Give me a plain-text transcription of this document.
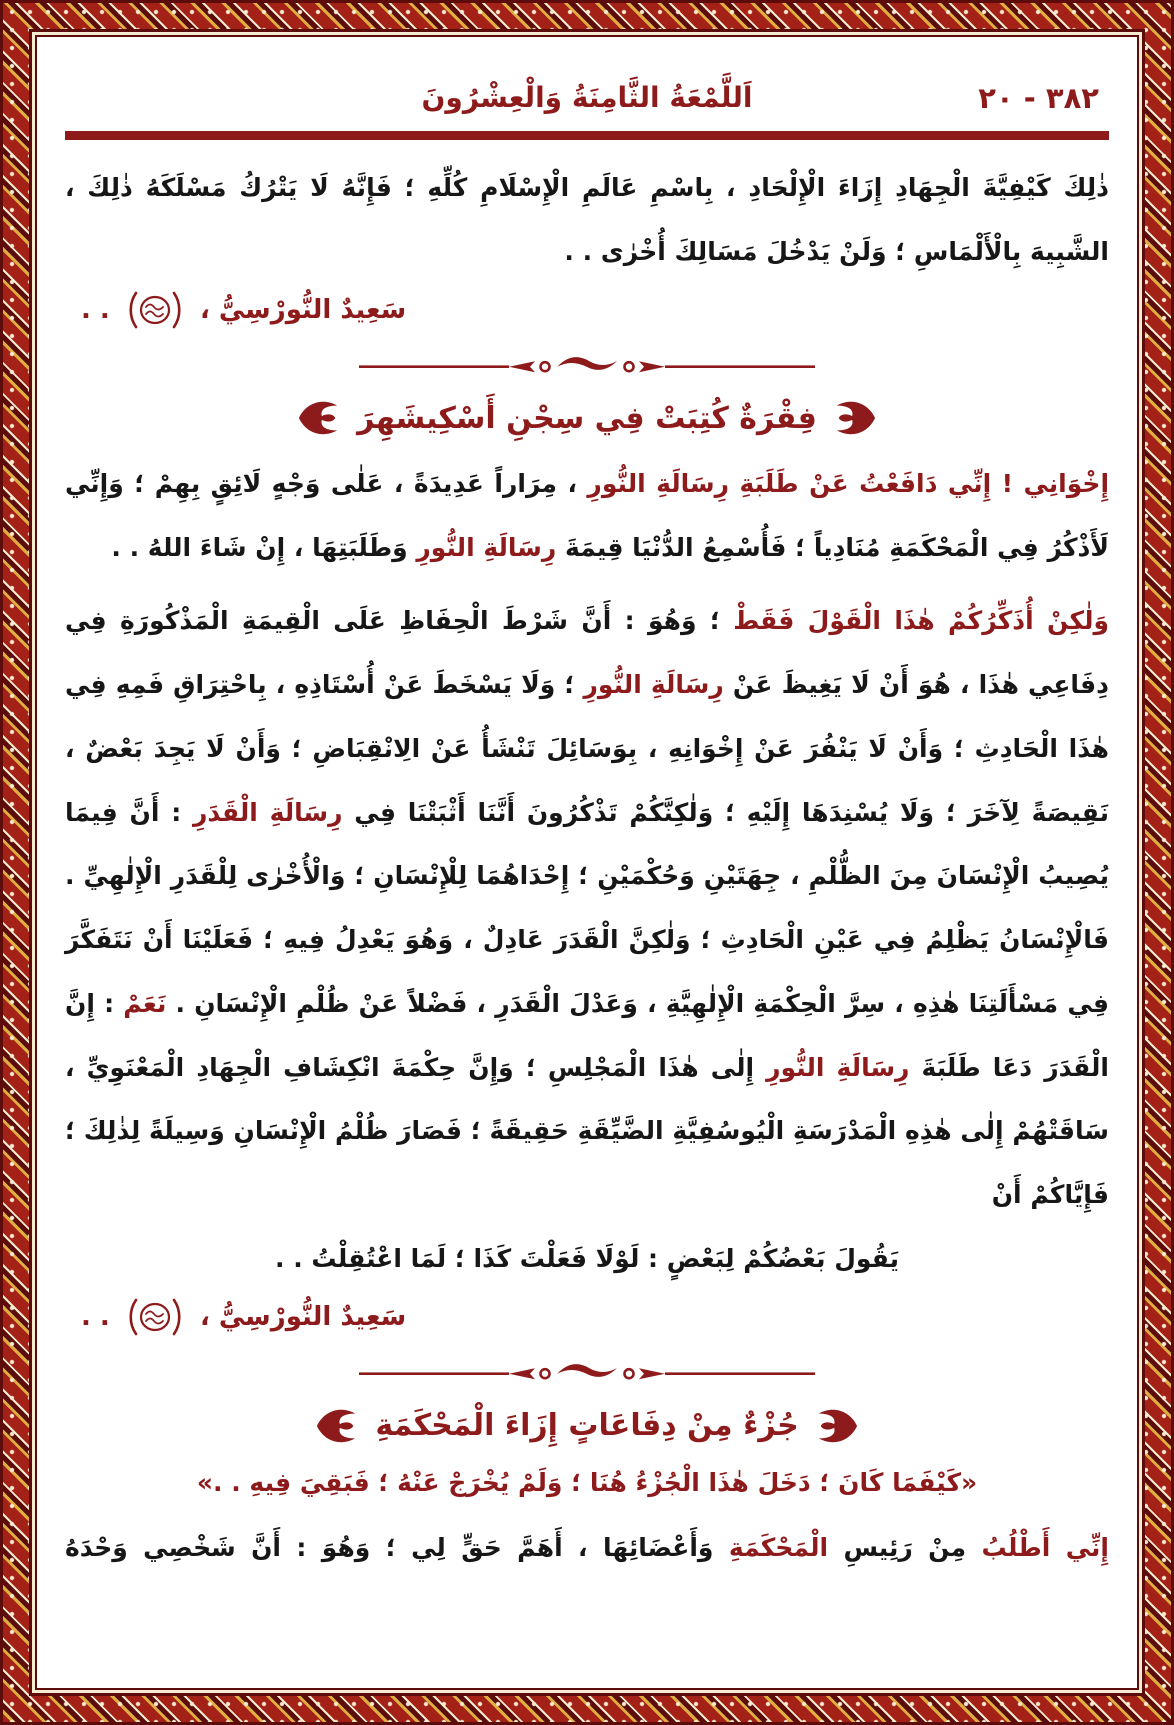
اَللَّمْعَةُ الثَّامِنَةُ وَالْعِشْرُونَ	٣٨٢ - ٢٠
ذٰلِكَ كَيْفِيَّةَ الْجِهَادِ إِزَاءَ الْإِلْحَادِ ، بِاسْمِ عَالَمِ الْإِسْلَامِ كُلِّهِ ؛ فَإِنَّهُ لَا يَتْرُكُ مَسْلَكَهُ ذٰلِكَ ، الشَّبِيهَ بِالْأَلْمَاسِ ؛ وَلَنْ يَدْخُلَ مَسَالِكَ أُخْرٰى . .
سَعِيدٌ النُّورْسِيُّ ،  . .
فِقْرَةٌ كُتِبَتْ فِي سِجْنِ أَسْكِيشَهِرَ
إِخْوَانِي ! إِنِّي دَافَعْتُ عَنْ طَلَبَةِ رِسَالَةِ النُّورِ ، مِرَاراً عَدِيدَةً ، عَلٰى وَجْهٍ لَائِقٍ بِهِمْ ؛ وَإِنِّي لَأَذْكُرُ فِي الْمَحْكَمَةِ مُنَادِياً ؛ فَأُسْمِعُ الدُّنْيَا قِيمَةَ رِسَالَةِ النُّورِ وَطَلَبَتِهَا ، إِنْ شَاءَ اللهُ . .
وَلٰكِنْ أُذَكِّرُكُمْ هٰذَا الْقَوْلَ فَقَطْ ؛ وَهُوَ : أَنَّ شَرْطَ الْحِفَاظِ عَلَى الْقِيمَةِ الْمَذْكُورَةِ فِي دِفَاعِي هٰذَا ، هُوَ أَنْ لَا يَغِيظَ عَنْ رِسَالَةِ النُّورِ ؛ وَلَا يَسْخَطَ عَنْ أُسْتَاذِهِ ، بِاحْتِرَاقِ فَمِهِ فِي هٰذَا الْحَادِثِ ؛ وَأَنْ لَا يَنْفُرَ عَنْ إِخْوَانِهِ ، بِوَسَائِلَ تَنْشَأُ عَنْ الِانْقِبَاضِ ؛ وَأَنْ لَا يَجِدَ بَعْضٌ ، نَقِيصَةً لِآخَرَ ؛ وَلَا يُسْنِدَهَا إِلَيْهِ ؛ وَلٰكِنَّكُمْ تَذْكُرُونَ أَنَّنَا أَثْبَتْنَا فِي رِسَالَةِ الْقَدَرِ : أَنَّ فِيمَا يُصِيبُ الْإِنْسَانَ مِنَ الظُّلْمِ ، جِهَتَيْنِ وَحُكْمَيْنِ ؛ إِحْدَاهُمَا لِلْإِنْسَانِ ؛ وَالْأُخْرٰى لِلْقَدَرِ الْإِلٰهِيِّ . فَالْإِنْسَانُ يَظْلِمُ فِي عَيْنِ الْحَادِثِ ؛ وَلٰكِنَّ الْقَدَرَ عَادِلٌ ، وَهُوَ يَعْدِلُ فِيهِ ؛ فَعَلَيْنَا أَنْ نَتَفَكَّرَ فِي مَسْأَلَتِنَا هٰذِهِ ، سِرَّ الْحِكْمَةِ الْإِلٰهِيَّةِ ، وَعَدْلَ الْقَدَرِ ، فَضْلاً عَنْ ظُلْمِ الْإِنْسَانِ . نَعَمْ : إِنَّ الْقَدَرَ دَعَا طَلَبَةَ رِسَالَةِ النُّورِ إِلٰى هٰذَا الْمَجْلِسِ ؛ وَإِنَّ حِكْمَةَ انْكِشَافِ الْجِهَادِ الْمَعْنَوِيِّ ، سَاقَتْهُمْ إِلٰى هٰذِهِ الْمَدْرَسَةِ الْيُوسُفِيَّةِ الضَّيِّقَةِ حَقِيقَةً ؛ فَصَارَ ظُلْمُ الْإِنْسَانِ وَسِيلَةً لِذٰلِكَ ؛ فَإِيَّاكُمْ أَنْ
يَقُولَ بَعْضُكُمْ لِبَعْضٍ : لَوْلَا فَعَلْتَ كَذَا ؛ لَمَا اعْتُقِلْتُ . .
سَعِيدٌ النُّورْسِيُّ ،  . .
جُزْءٌ مِنْ دِفَاعَاتٍ إِزَاءَ الْمَحْكَمَةِ
«كَيْفَمَا كَانَ ؛ دَخَلَ هٰذَا الْجُزْءُ هُنَا ؛ وَلَمْ يُخْرَجْ عَنْهُ ؛ فَبَقِيَ فِيهِ . .»
إِنِّي أَطْلُبُ مِنْ رَئِيسِ الْمَحْكَمَةِ وَأَعْضَائِهَا ، أَهَمَّ حَقٍّ لِي ؛ وَهُوَ : أَنَّ شَخْصِي وَحْدَهُ
